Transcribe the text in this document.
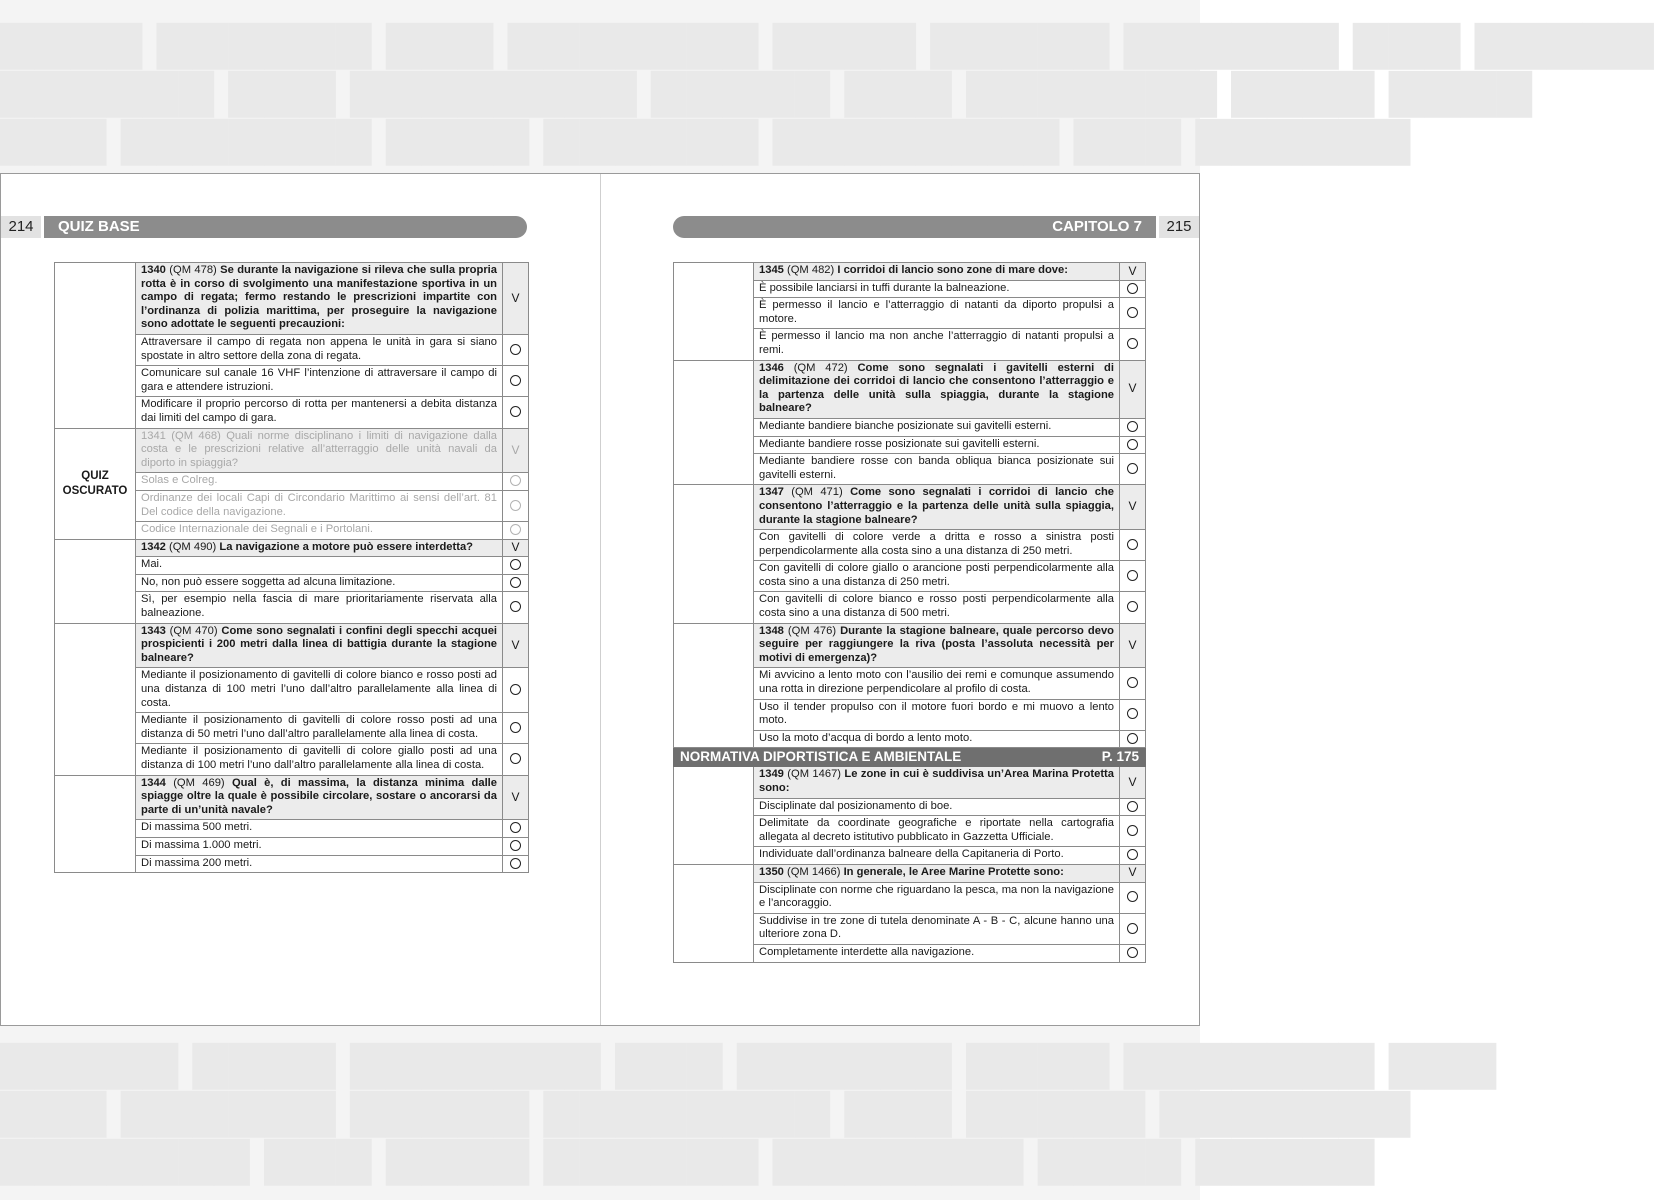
▇▇▇▇ ▇▇▇▇▇▇ ▇▇▇ ▇▇▇▇▇▇▇ ▇▇▇▇ ▇▇▇▇▇ ▇▇▇▇▇▇ ▇▇▇ ▇▇▇▇▇
▇▇▇▇▇▇ ▇▇▇ ▇▇▇▇▇▇▇▇ ▇▇▇▇▇ ▇▇▇ ▇▇▇▇▇▇▇ ▇▇▇▇ ▇▇▇▇
▇▇▇ ▇▇▇▇▇▇▇ ▇▇▇▇ ▇▇▇▇▇▇ ▇▇▇▇▇▇▇▇ ▇▇▇ ▇▇▇▇▇▇
▇▇▇▇▇ ▇▇▇▇ ▇▇▇▇▇▇▇ ▇▇▇ ▇▇▇▇▇▇ ▇▇▇▇ ▇▇▇▇▇▇▇ ▇▇▇
▇▇▇ ▇▇▇▇▇▇ ▇▇▇▇▇ ▇▇▇▇▇▇▇▇ ▇▇▇ ▇▇▇▇▇ ▇▇▇▇▇▇▇
▇▇▇▇▇▇▇ ▇▇▇ ▇▇▇▇ ▇▇▇▇▇▇ ▇▇▇▇▇▇▇ ▇▇▇▇ ▇▇▇▇▇
214	QUIZ BASE	CAPITOLO 7	215
	1340 (QM 478) Se durante la navigazione si rileva che sulla propria rotta è in corso di svolgimento una manifestazione sportiva in un campo di regata; fermo restando le prescrizioni impartite con l’ordinanza di polizia marittima, per proseguire la navigazione sono adottate le seguenti precauzioni:	V
	Attraversare il campo di regata non appena le unità in gara si siano spostate in altro settore della zona di regata.	
	Comunicare sul canale 16 VHF l’intenzione di attraversare il campo di gara e attendere istruzioni.	
	Modificare il proprio percorso di rotta per mantenersi a debita distanza dai limiti del campo di gara.	

QUIZ
OSCURATO	1341 (QM 468) Quali norme disciplinano i limiti di navigazione dalla costa e le prescrizioni relative all’atterraggio delle unità navali da diporto in spiaggia?	V
	Solas e Colreg.	
	Ordinanze dei locali Capi di Circondario Marittimo ai sensi dell’art. 81 Del codice della navigazione.	
	Codice Internazionale dei Segnali e i Portolani.	
	1342 (QM 490) La navigazione a motore può essere interdetta?	V
	Mai.	
	No, non può essere soggetta ad alcuna limitazione.	
	Sì, per esempio nella fascia di mare prioritariamente riservata alla balneazione.	
	1343 (QM 470) Come sono segnalati i confini degli specchi acquei prospicienti i 200 metri dalla linea di battigia durante la stagione balneare?	V
	Mediante il posizionamento di gavitelli di colore bianco e rosso posti ad una distanza di 100 metri l’uno dall’altro parallelamente alla linea di costa.	
	Mediante il posizionamento di gavitelli di colore rosso posti ad una distanza di 50 metri l’uno dall’altro parallelamente alla linea di costa.	
	Mediante il posizionamento di gavitelli di colore giallo posti ad una distanza di 100 metri l’uno dall’altro parallelamente alla linea di costa.	
	1344 (QM 469) Qual è, di massima, la distanza minima dalle spiagge oltre la quale è possibile circolare, sostare o ancorarsi da parte di un’unità navale?	V
	Di massima 500 metri.	
	Di massima 1.000 metri.	
	Di massima 200 metri.	
	1345 (QM 482) I corridoi di lancio sono zone di mare dove:	V
	È possibile lanciarsi in tuffi durante la balneazione.	
	È permesso il lancio e l’atterraggio di natanti da diporto propulsi a motore.	
	È permesso il lancio ma non anche l’atterraggio di natanti propulsi a remi.	
	1346 (QM 472) Come sono segnalati i gavitelli esterni di delimitazione dei corridoi di lancio che consentono l’atterraggio e la partenza delle unità sulla spiaggia, durante la stagione balneare?	V
	Mediante bandiere bianche posizionate sui gavitelli esterni.	
	Mediante bandiere rosse posizionate sui gavitelli esterni.	
	Mediante bandiere rosse con banda obliqua bianca posizionate sui gavitelli esterni.	
	1347 (QM 471) Come sono segnalati i corridoi di lancio che consentono l’atterraggio e la partenza delle unità sulla spiaggia, durante la stagione balneare?	V
	Con gavitelli di colore verde a dritta e rosso a sinistra posti perpendicolarmente alla costa sino a una distanza di 250 metri.	
	Con gavitelli di colore giallo o arancione posti perpendicolarmente alla costa sino a una distanza di 250 metri.	
	Con gavitelli di colore bianco e rosso posti perpendicolarmente alla costa sino a una distanza di 500 metri.	
	1348 (QM 476) Durante la stagione balneare, quale percorso devo seguire per raggiungere la riva (posta l’assoluta necessità per motivi di emergenza)?	V
	Mi avvicino a lento moto con l’ausilio dei remi e comunque assumendo una rotta in direzione perpendicolare al profilo di costa.	
	Uso il tender propulso con il motore fuori bordo e mi muovo a lento moto.	
	Uso la moto d’acqua di bordo a lento moto.	

NORMATIVA DIPORTISTICA E AMBIENTALE P. 175		

	1349 (QM 1467) Le zone in cui è suddivisa un’Area Marina Protetta sono:	V
	Disciplinate dal posizionamento di boe.	
	Delimitate da coordinate geografiche e riportate nella cartografia allegata al decreto istitutivo pubblicato in Gazzetta Ufficiale.	
	Individuate dall’ordinanza balneare della Capitaneria di Porto.	
	1350 (QM 1466) In generale, le Aree Marine Protette sono:	V
	Disciplinate con norme che riguardano la pesca, ma non la navigazione e l’ancoraggio.	
	Suddivise in tre zone di tutela denominate A - B - C, alcune hanno una ulteriore zona D.	
	Completamente interdette alla navigazione.	
